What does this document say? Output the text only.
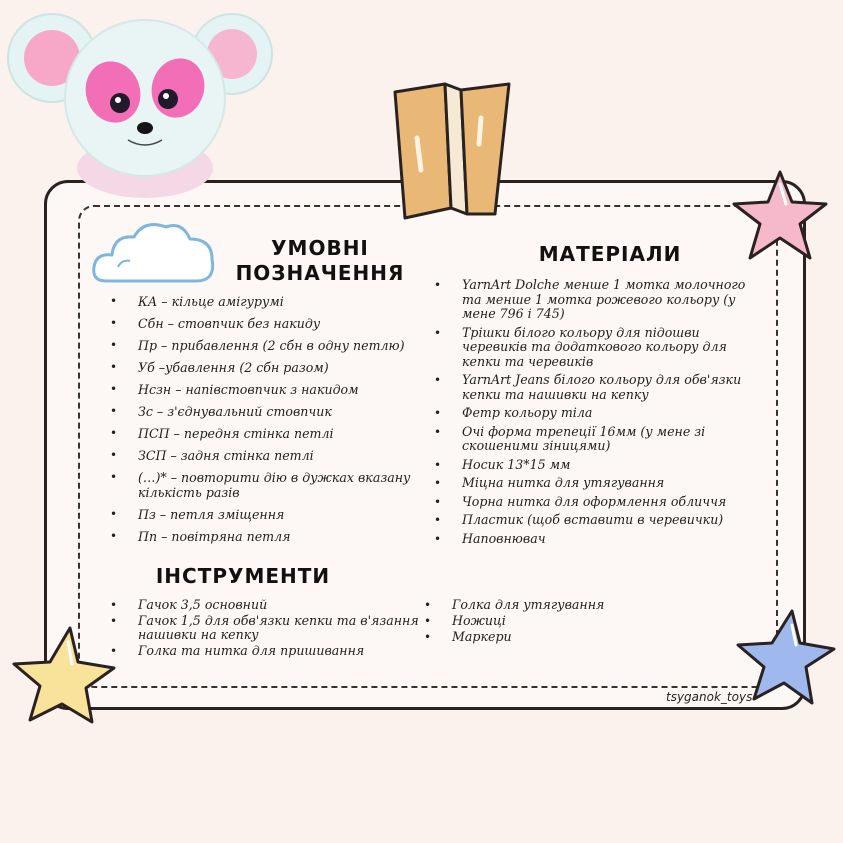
УМОВНІ ПОЗНАЧЕННЯ
• КА – кільце амігурумі
• Сбн – стовпчик без накиду
• Пр – прибавлення (2 сбн в одну петлю)
• Уб –убавлення (2 сбн разом)
• Нсзн – напівстовпчик з накидом
• Зс – з'єднувальний стовпчик
• ПСП – передня стінка петлі
• ЗСП – задня стінка петлі
• (…)* – повторити дію в дужках вказану кількість разів
• Пз – петля зміщення
• Пп – повітряна петля
МАТЕРІАЛИ
• YarnArt Dolche менше 1 мотка молочного та менше 1 мотка рожевого кольору (у мене 796 і 745)
• Трішки білого кольору для підошви черевиків та додаткового кольору для кепки та черевиків
• YarnArt Jeans білого кольору для обв'язки кепки та нашивки на кепку
• Фетр кольору тіла
• Очі форма трепеції 16мм (у мене зі скошеними зіницями)
• Носик 13*15 мм
• Міцна нитка для утягування
• Чорна нитка для оформлення обличчя
• Пластик (щоб вставити в черевички)
• Наповнювач
ІНСТРУМЕНТИ
• Гачок 3,5 основний
• Гачок 1,5 для обв'язки кепки та в'язання нашивки на кепку
• Голка та нитка для пришивання
• Голка для утягування
• Ножиці
• Маркери
tsyganok_toys
